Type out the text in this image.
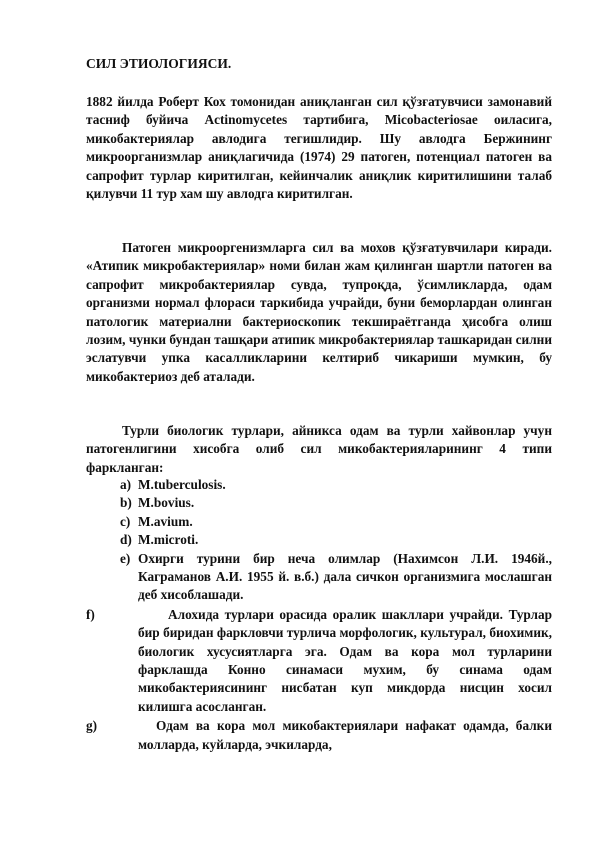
СИЛ ЭТИОЛОГИЯСИ.

1882 йилда Роберт Кох томонидан аниқланган сил қўзғатувчиси замонавий тасниф буйича Actinomycetes тартибига, Micobacteriosae оиласига, микобактериялар авлодига тегишлидир. Шу авлодга Бержининг микроорганизмлар аниқлагичида (1974) 29 патоген, потенциал патоген ва сапрофит турлар киритилган, кейинчалик аниқлик киритилишини талаб қилувчи 11 тур хам шу авлодга киритилган.

Патоген микрооргенизмларга сил ва мохов қўзғатувчилари киради. «Атипик микробактериялар» номи билан жам қилинган шартли патоген ва сапрофит микробактериялар сувда, тупроқда, ўсимликларда, одам организми нормал флораси таркибида учрайди, буни беморлардан олинган патологик материални бактериоскопик текшираётганда ҳисобга олиш лозим, чунки бундан ташқари атипик микробактериялар ташкаридан силни эслатувчи упка касалликларини келтириб чикариши мумкин, бу микобактериоз деб аталади.

Турли биологик турлари, айникса одам ва турли хайвонлар учун патогенлигини хисобга олиб сил микобактерияларининг 4 типи фаркланган:

a) M.tuberculosis.
b) M.bovius.
c) M.avium.
d) M.microti.
e) Охирги турини бир неча олимлар (Нахимсон Л.И. 1946й., Каграманов А.И. 1955 й. в.б.) дала сичкон организмига мослашган деб хисоблашади.
f)	Алохида турлари орасида оралик шакллари учрайди. Турлар бир биридан фаркловчи турлича морфологик, культурал, биохимик, биологик хусусиятларга эга. Одам ва кора мол турларини фарклашда Конно синамаси мухим, бу синама одам микобактериясининг нисбатан куп микдорда нисцин хосил килишга асосланган.
g)	Одам ва кора мол микобактериялари нафакат одамда, балки молларда, куйларда, эчкиларда,
